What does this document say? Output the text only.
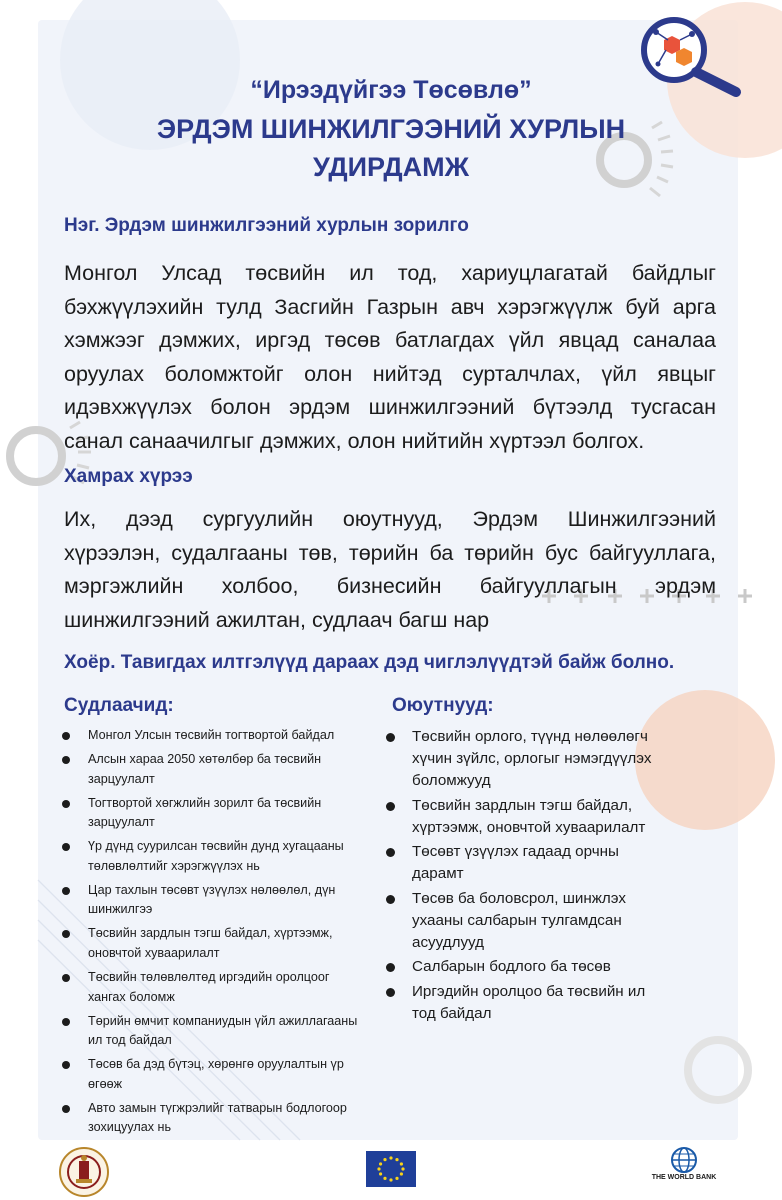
“Ирээдүйгээ Төсөвлө”
ЭРДЭМ ШИНЖИЛГЭЭНИЙ ХУРЛЫН
УДИРДАМЖ
Нэг. Эрдэм шинжилгээний хурлын зорилго
Монгол Улсад төсвийн ил тод, хариуцлагатай байдлыг
бэхжүүлэхийн тулд Засгийн Газрын авч хэрэгжүүлж буй арга
хэмжээг дэмжих, иргэд төсөв батлагдах үйл явцад саналаа
оруулах боломжтойг олон нийтэд сурталчлах, үйл явцыг
идэвхжүүлэх болон эрдэм шинжилгээний бүтээлд тусгасан
санал санаачилгыг дэмжих, олон нийтийн хүртээл болгох.
Хамрах хүрээ
Их, дээд сургуулийн оюутнууд, Эрдэм Шинжилгээний
хүрээлэн, судалгааны төв, төрийн ба төрийн бус байгууллага,
мэргэжлийн холбоо, бизнесийн байгууллагын эрдэм
шинжилгээний ажилтан, судлаач багш нар
Хоёр. Тавигдах илтгэлүүд дараах дэд чиглэлүүдтэй байж болно.
Судлаачид:
Монгол Улсын төсвийн тогтвортой байдал
Алсын хараа 2050 хөтөлбөр ба төсвийн зарцуулалт
Тогтвортой хөгжлийн зорилт ба төсвийн зарцуулалт
Үр дүнд суурилсан төсвийн дунд хугацааны төлөвлөлтийг хэрэгжүүлэх нь
Цар тахлын төсөвт үзүүлэх нөлөөлөл, дүн шинжилгээ
Төсвийн зардлын тэгш байдал, хүртээмж, оновчтой хуваарилалт
Төсвийн төлөвлөлтөд иргэдийн оролцоог хангах боломж
Төрийн өмчит компаниудын үйл ажиллагааны ил тод байдал
Төсөв ба дэд бүтэц, хөрөнгө оруулалтын үр өгөөж
Авто замын түгжрэлийг татварын бодлогоор зохицуулах нь
Оюутнууд:
Төсвийн орлого, түүнд нөлөөлөгч хүчин зүйлс, орлогыг нэмэгдүүлэх боломжууд
Төсвийн зардлын тэгш байдал, хүртээмж, оновчтой хуваарилалт
Төсөвт үзүүлэх гадаад орчны дарамт
Төсөв ба боловсрол, шинжлэх ухааны салбарын тулгамдсан асуудлууд
Салбарын бодлого ба төсөв
Иргэдийн оролцоо ба төсвийн ил тод байдал
THE WORLD BANK
